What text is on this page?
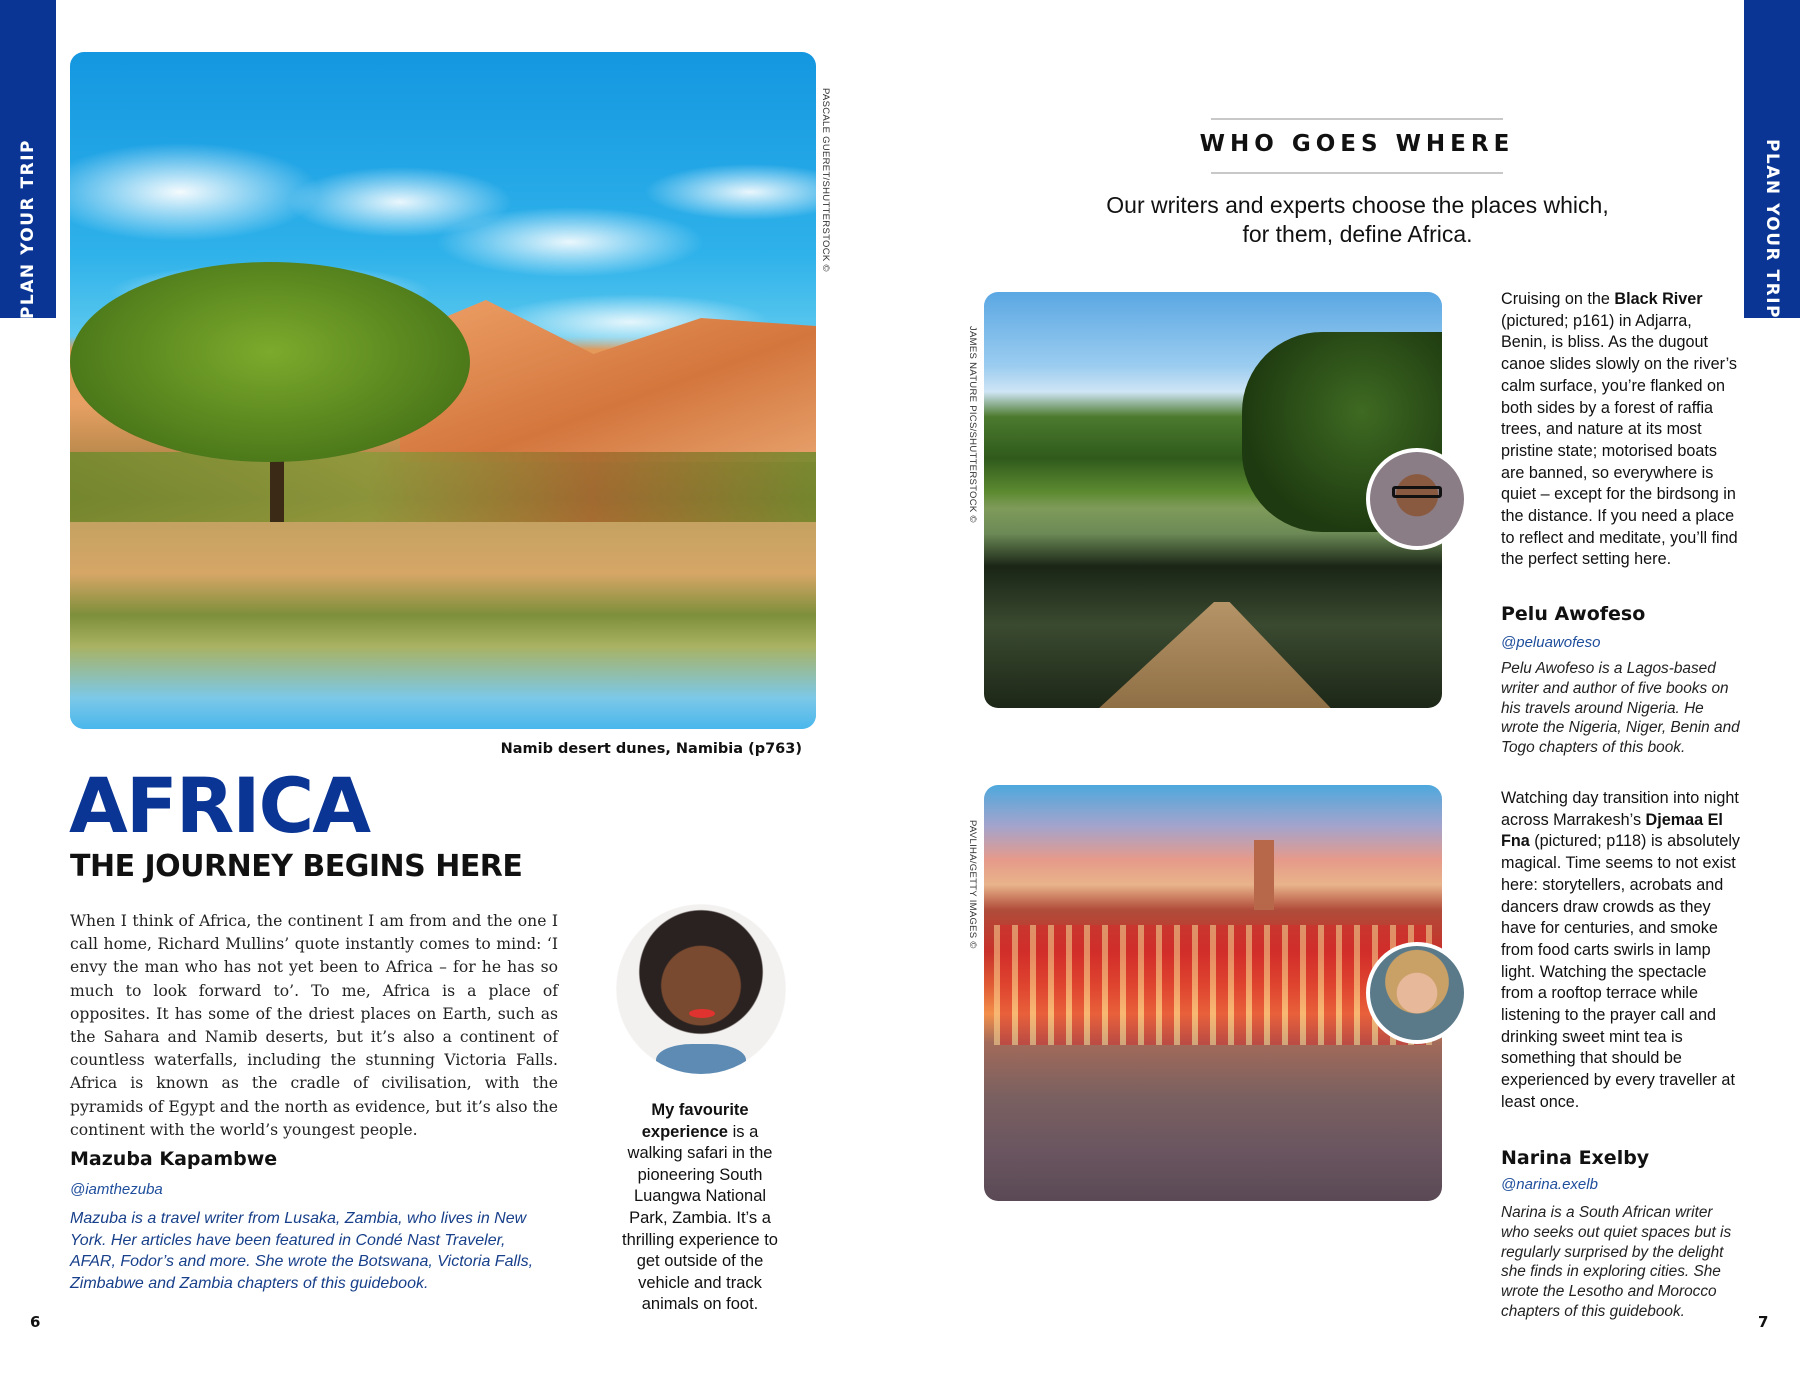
PLAN YOUR TRIP	PLAN YOUR TRIP
PASCALE GUERET/SHUTTERSTOCK ©
Namib desert dunes, Namibia (p763)
AFRICA
THE JOURNEY BEGINS HERE
When I think of Africa, the continent I am from and the one I call home, Richard Mullins’ quote instantly comes to mind: ‘I envy the man who has not yet been to Africa – for he has so much to look forward to’. To me, Africa is a place of opposites. It has some of the driest places on Earth, such as the Sahara and Namib deserts, but it’s also a continent of countless waterfalls, including the stunning Victoria Falls. Africa is known as the cradle of civilisation, with the pyramids of Egypt and the north as evidence, but it’s also the continent with the world’s youngest people.
Mazuba Kapambwe
@iamthezuba
Mazuba is a travel writer from Lusaka, Zambia, who lives in New York. Her articles have been featured in Condé Nast Traveler, AFAR, Fodor’s and more. She wrote the Botswana, Victoria Falls, Zimbabwe and Zambia chapters of this guidebook.
My favourite experience is a walking safari in the pioneering South Luangwa National Park, Zambia. It’s a thrilling experience to get outside of the vehicle and track animals on foot.
6
WHO GOES WHERE
Our writers and experts choose the places which, for them, define Africa.
JAMES NATURE PICS/SHUTTERSTOCK ©
Cruising on the Black River (pictured; p161) in Adjarra, Benin, is bliss. As the dugout canoe slides slowly on the river’s calm surface, you’re flanked on both sides by a forest of raffia trees, and nature at its most pristine state; motorised boats are banned, so everywhere is quiet – except for the birdsong in the distance. If you need a place to reflect and meditate, you’ll find the perfect setting here.
Pelu Awofeso
@peluawofeso
Pelu Awofeso is a Lagos-based writer and author of five books on his travels around Nigeria. He wrote the Nigeria, Niger, Benin and Togo chapters of this book.
PAVLIHA/GETTY IMAGES ©
Watching day transition into night across Marrakesh’s Djemaa El Fna (pictured; p118) is absolutely magical. Time seems to not exist here: storytellers, acrobats and dancers draw crowds as they have for centuries, and smoke from food carts swirls in lamp light. Watching the spectacle from a rooftop terrace while listening to the prayer call and drinking sweet mint tea is something that should be experienced by every traveller at least once.
Narina Exelby
@narina.exelb
Narina is a South African writer who seeks out quiet spaces but is regularly surprised by the delight she finds in exploring cities. She wrote the Lesotho and Morocco chapters of this guidebook.
7
